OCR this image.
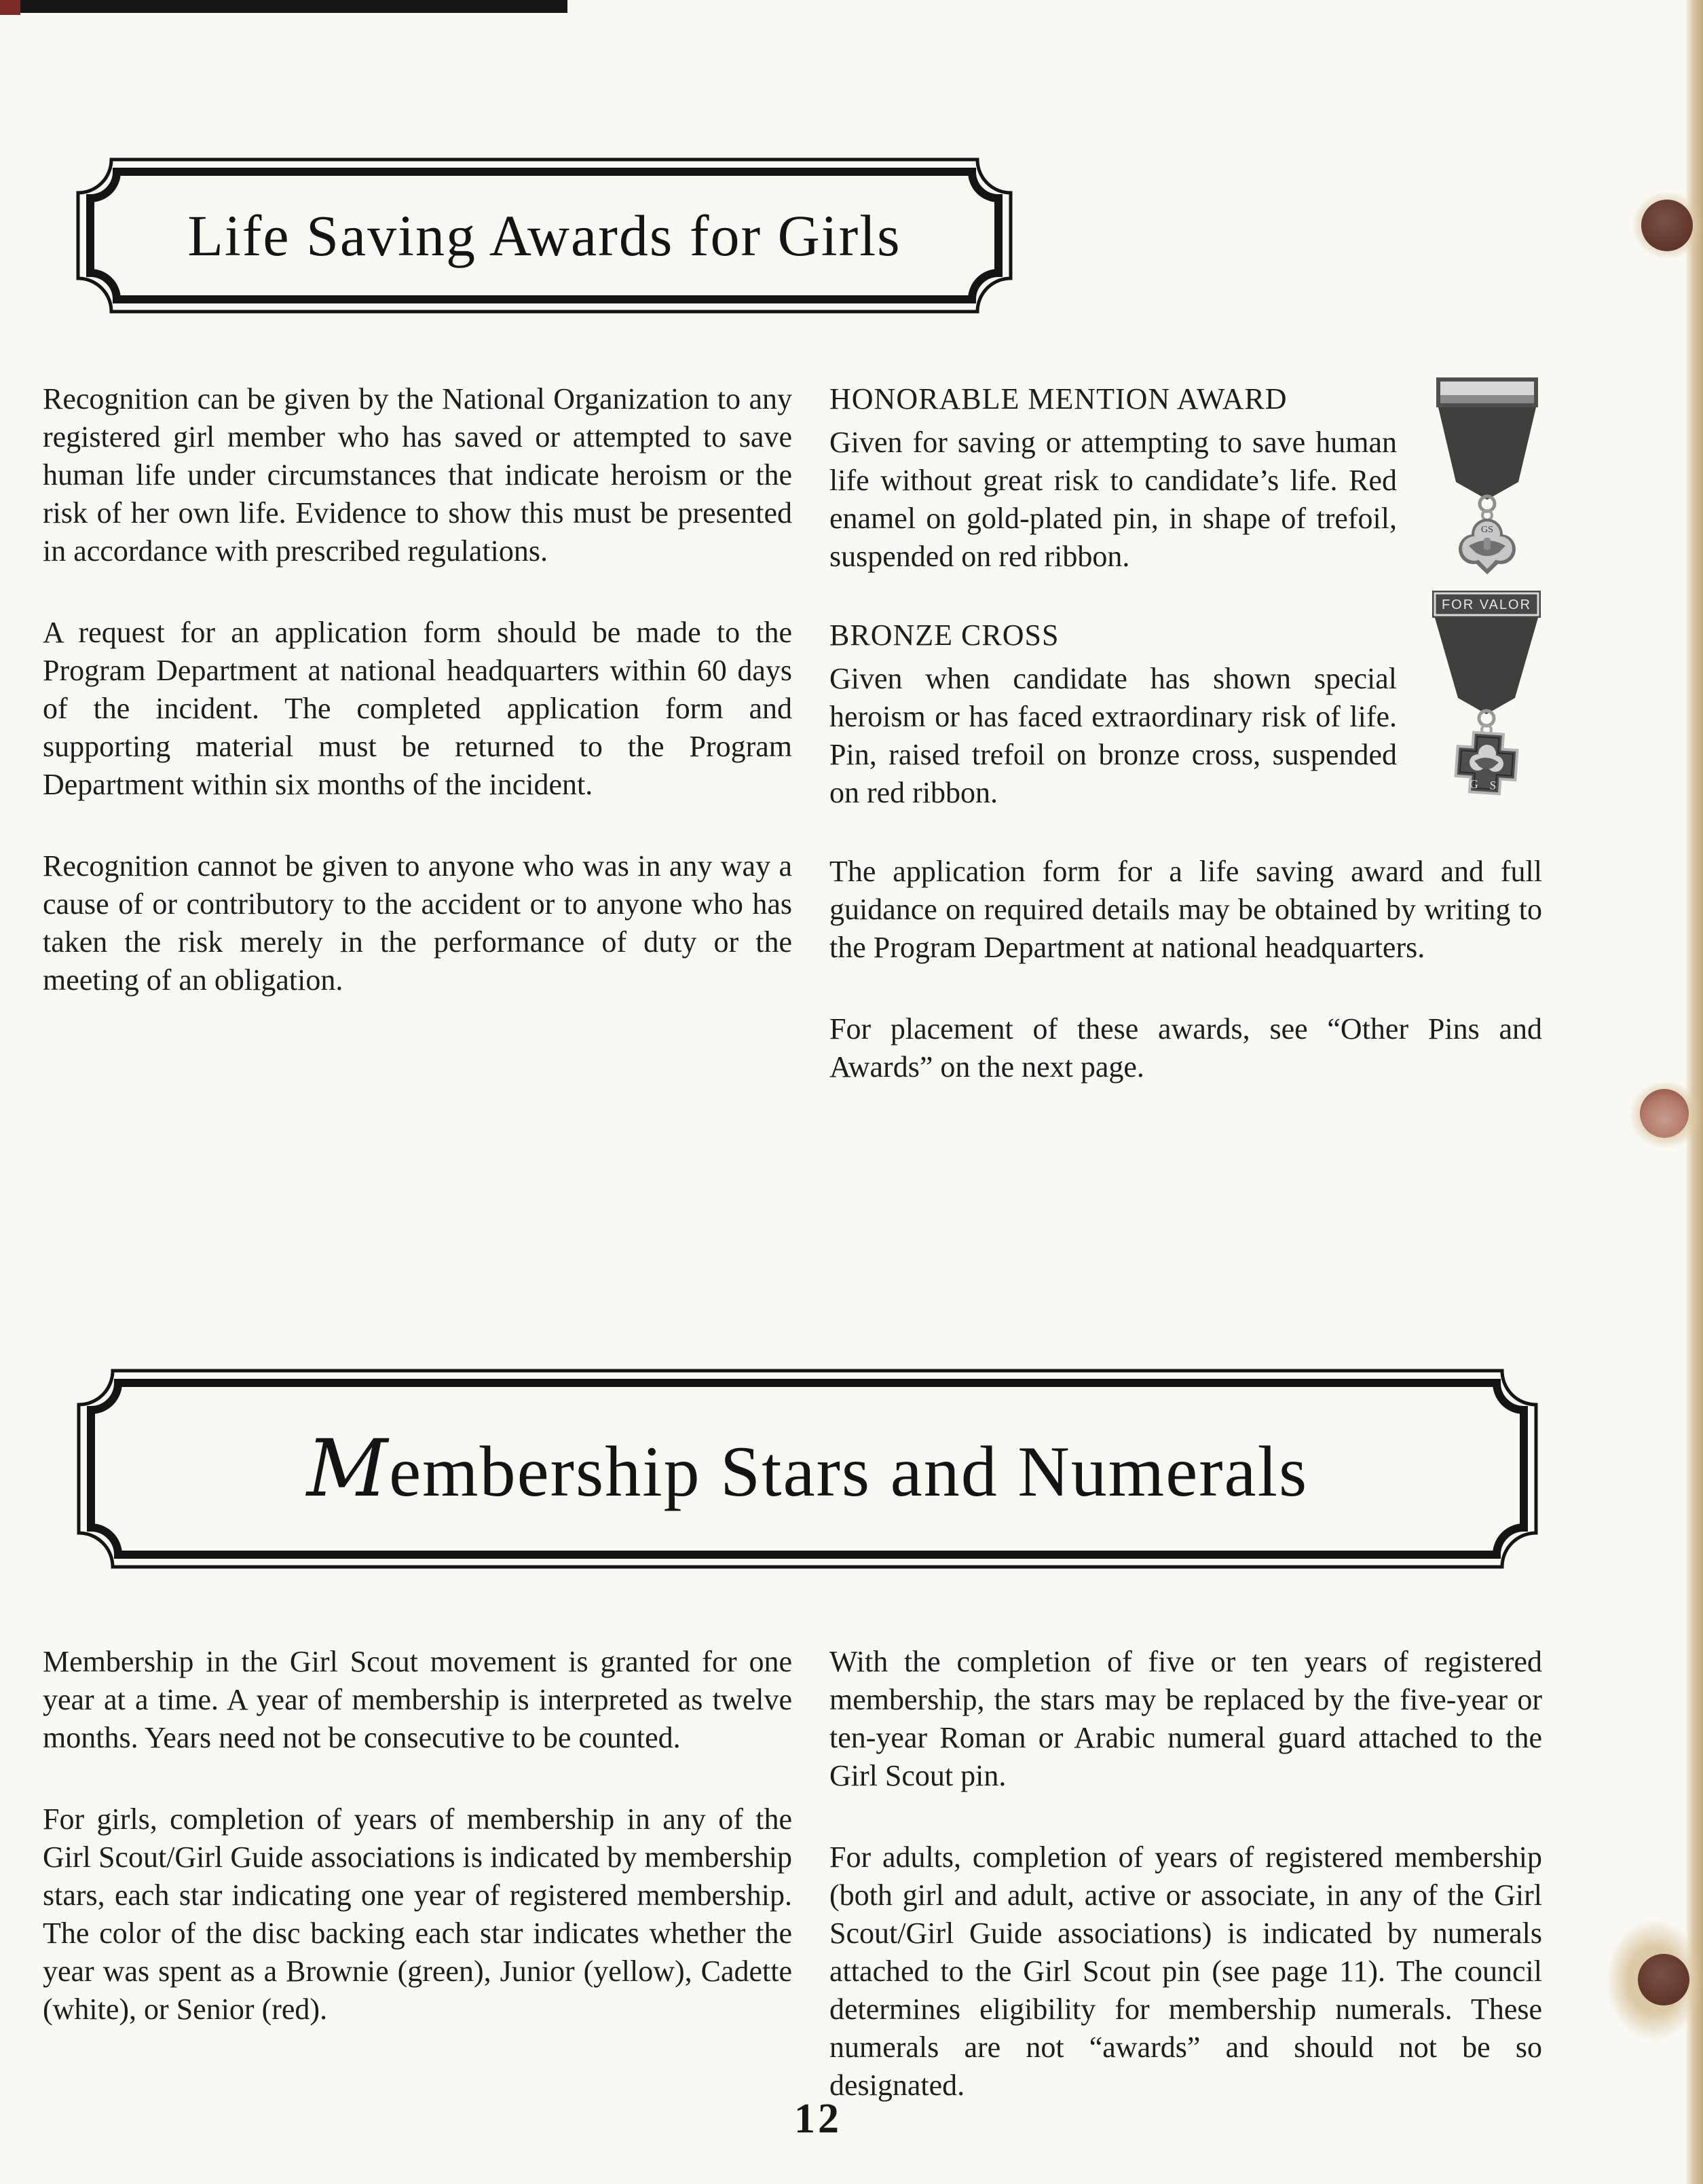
Life Saving Awards for Girls

Recognition can be given by the National Organization to any registered girl member who has saved or attempted to save human life under circumstances that indicate heroism or the risk of her own life. Evidence to show this must be presented in accordance with prescribed regulations.

A request for an application form should be made to the Program Department at national headquarters within 60 days of the incident. The completed application form and supporting material must be returned to the Program Department within six months of the incident.

Recognition cannot be given to anyone who was in any way a cause of or contributory to the accident or to anyone who has taken the risk merely in the performance of duty or the meeting of an obligation.

HONORABLE MENTION AWARD

Given for saving or attempting to save human life without great risk to candidate’s life. Red enamel on gold-plated pin, in shape of trefoil, suspended on red ribbon.

BRONZE CROSS

Given when candidate has shown special heroism or has faced extraordinary risk of life. Pin, raised trefoil on bronze cross, suspended on red ribbon.

The application form for a life saving award and full guidance on required details may be obtained by writing to the Program Department at national headquarters.

For placement of these awards, see “Other Pins and Awards” on the next page.

GS
FOR VALOR
G S
Membership Stars and Numerals

Membership in the Girl Scout movement is granted for one year at a time. A year of membership is interpreted as twelve months. Years need not be consecutive to be counted.

For girls, completion of years of membership in any of the Girl Scout/Girl Guide associations is indicated by membership stars, each star indicating one year of registered membership. The color of the disc backing each star indicates whether the year was spent as a Brownie (green), Junior (yellow), Cadette (white), or Senior (red).

With the completion of five or ten years of registered membership, the stars may be replaced by the five-year or ten-year Roman or Arabic numeral guard attached to the Girl Scout pin.

For adults, completion of years of registered membership (both girl and adult, active or associate, in any of the Girl Scout/Girl Guide associations) is indicated by numerals attached to the Girl Scout pin (see page 11). The council determines eligibility for membership numerals. These numerals are not “awards” and should not be so designated.

12
